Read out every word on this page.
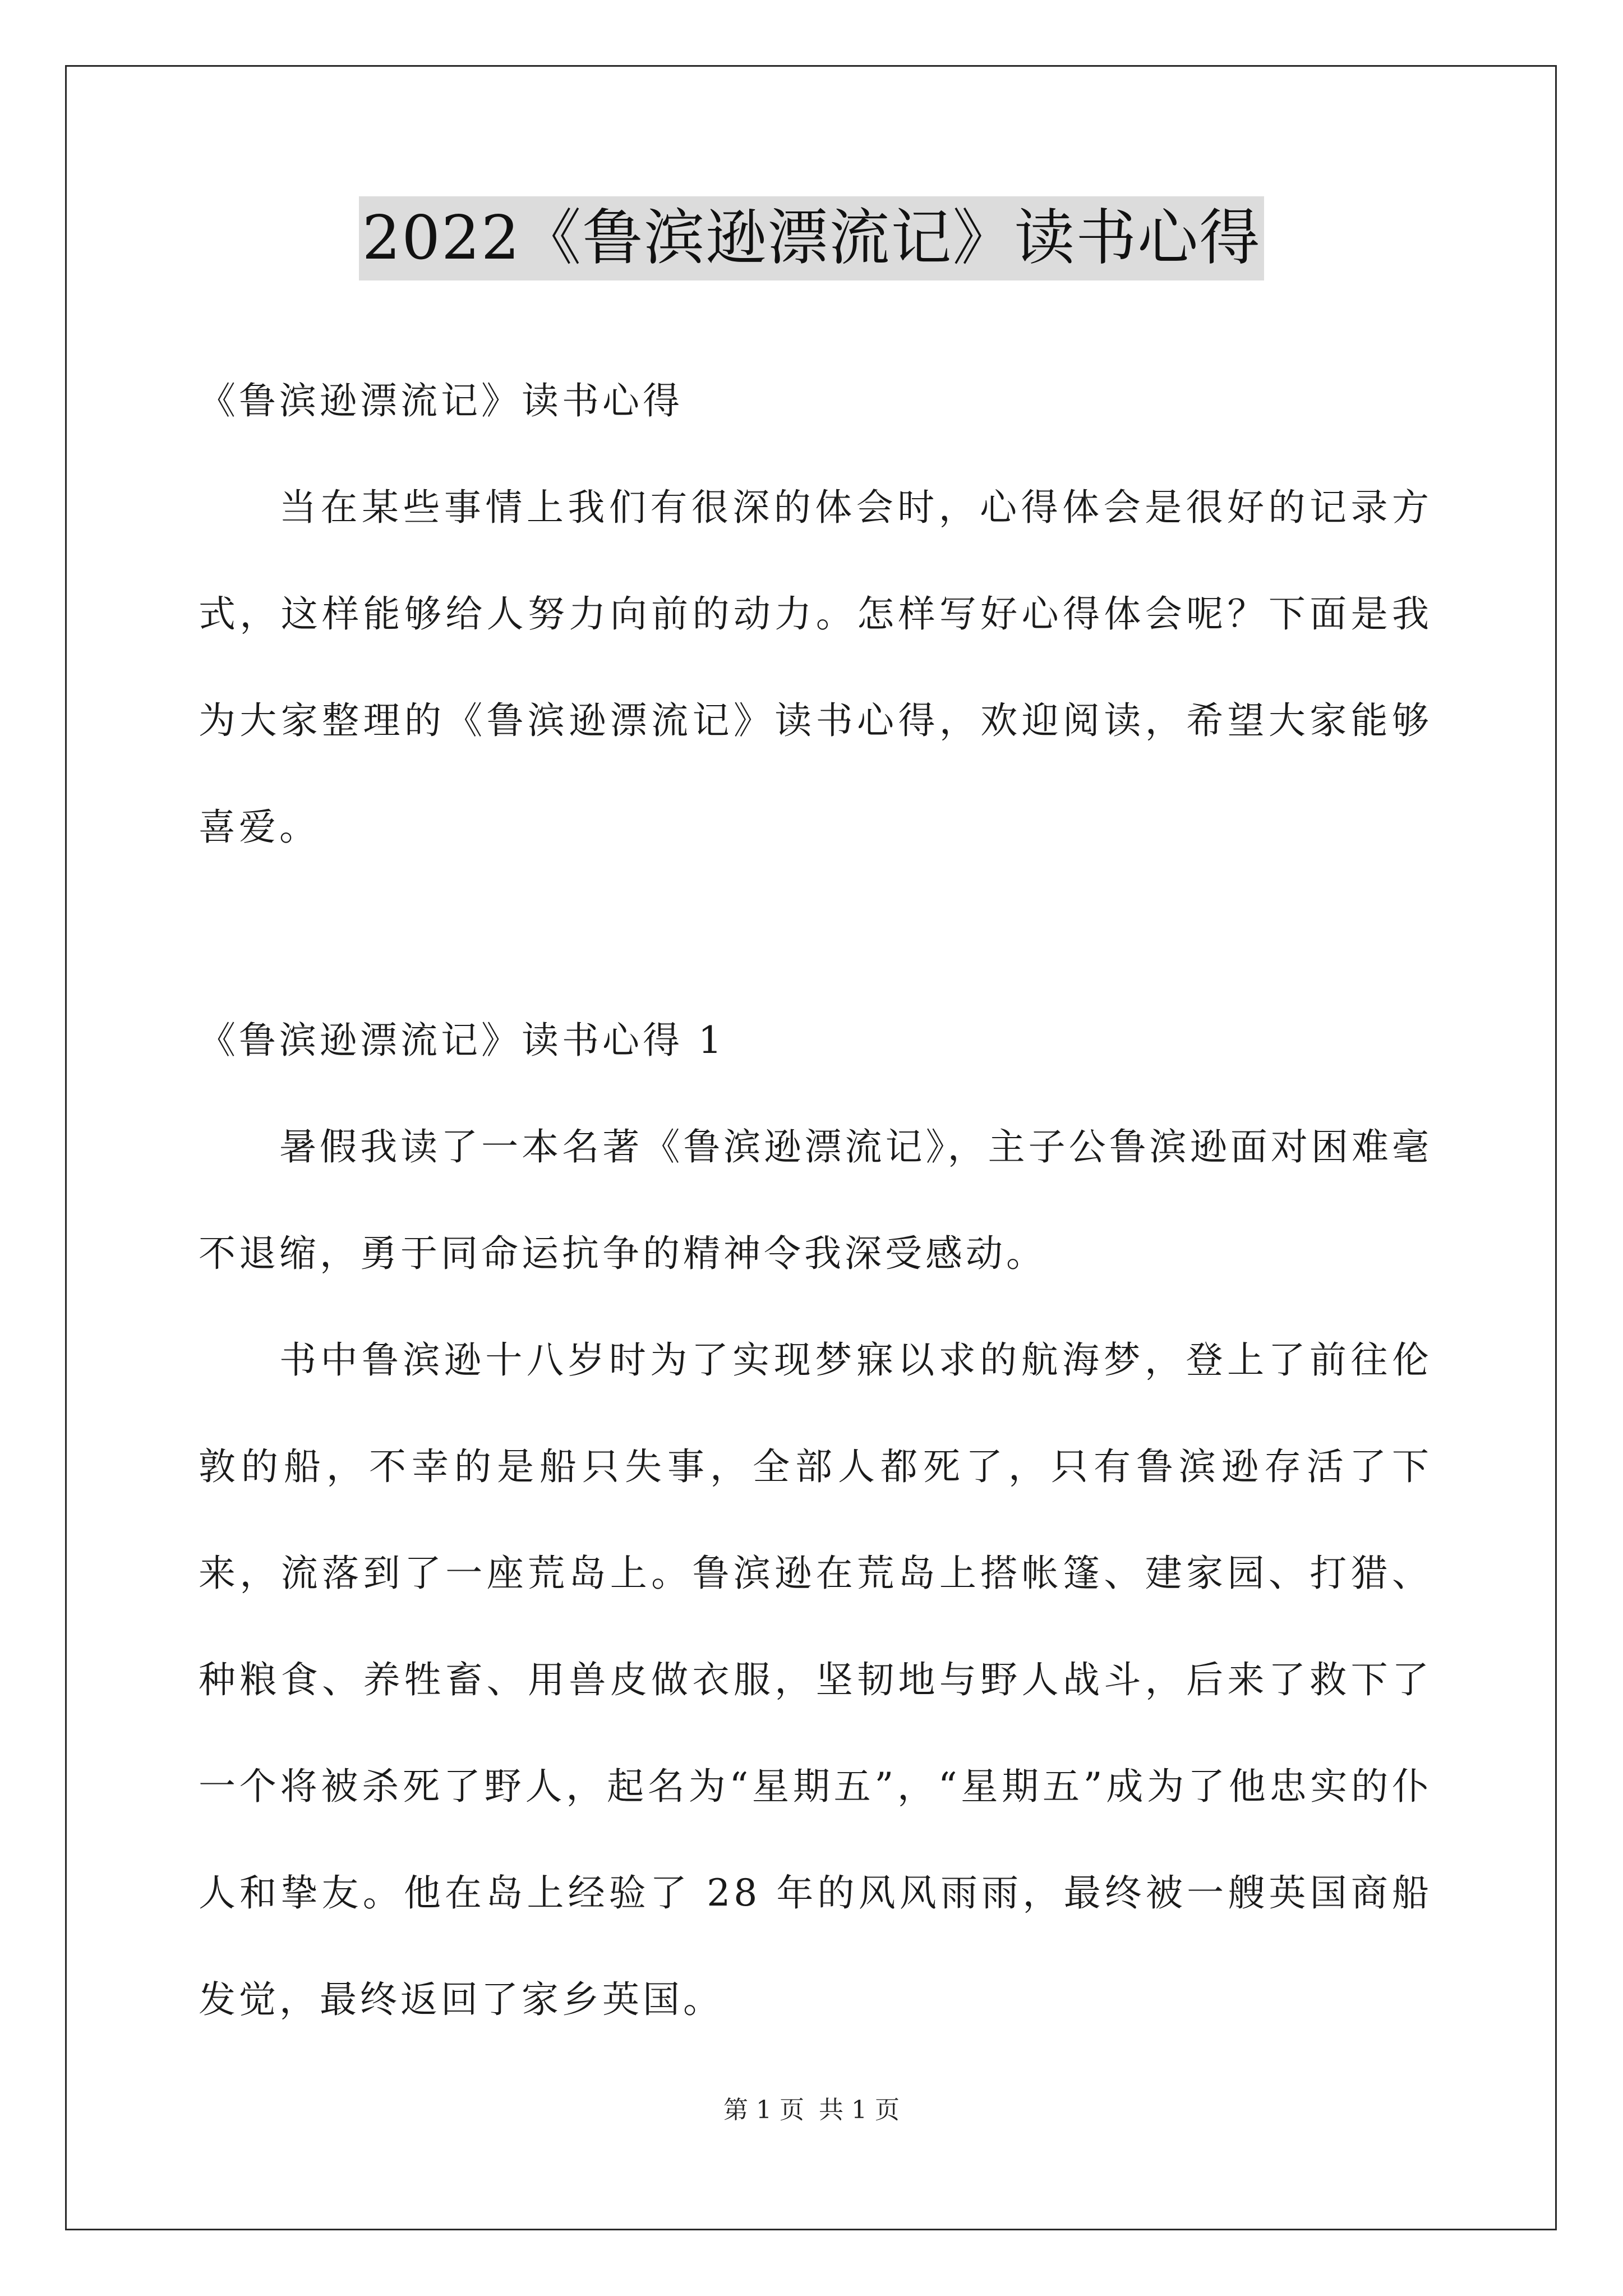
2022《鲁滨逊漂流记》读书心得

《鲁滨逊漂流记》读书心得

当在某些事情上我们有很深的体会时，心得体会是很好的记录方式，这样能够给人努力向前的动力。怎样写好心得体会呢？下面是我为大家整理的《鲁滨逊漂流记》读书心得，欢迎阅读，希望大家能够喜爱。

《鲁滨逊漂流记》读书心得 1

暑假我读了一本名著《鲁滨逊漂流记》，主子公鲁滨逊面对困难毫不退缩，勇于同命运抗争的精神令我深受感动。

书中鲁滨逊十八岁时为了实现梦寐以求的航海梦，登上了前往伦敦的船，不幸的是船只失事，全部人都死了，只有鲁滨逊存活了下来，流落到了一座荒岛上。鲁滨逊在荒岛上搭帐篷、建家园、打猎、种粮食、养牲畜、用兽皮做衣服，坚韧地与野人战斗，后来了救下了一个将被杀死了野人，起名为“星期五”，“星期五”成为了他忠实的仆人和挚友。他在岛上经验了 28 年的风风雨雨，最终被一艘英国商船发觉，最终返回了家乡英国。

第 1 页 共 1 页
